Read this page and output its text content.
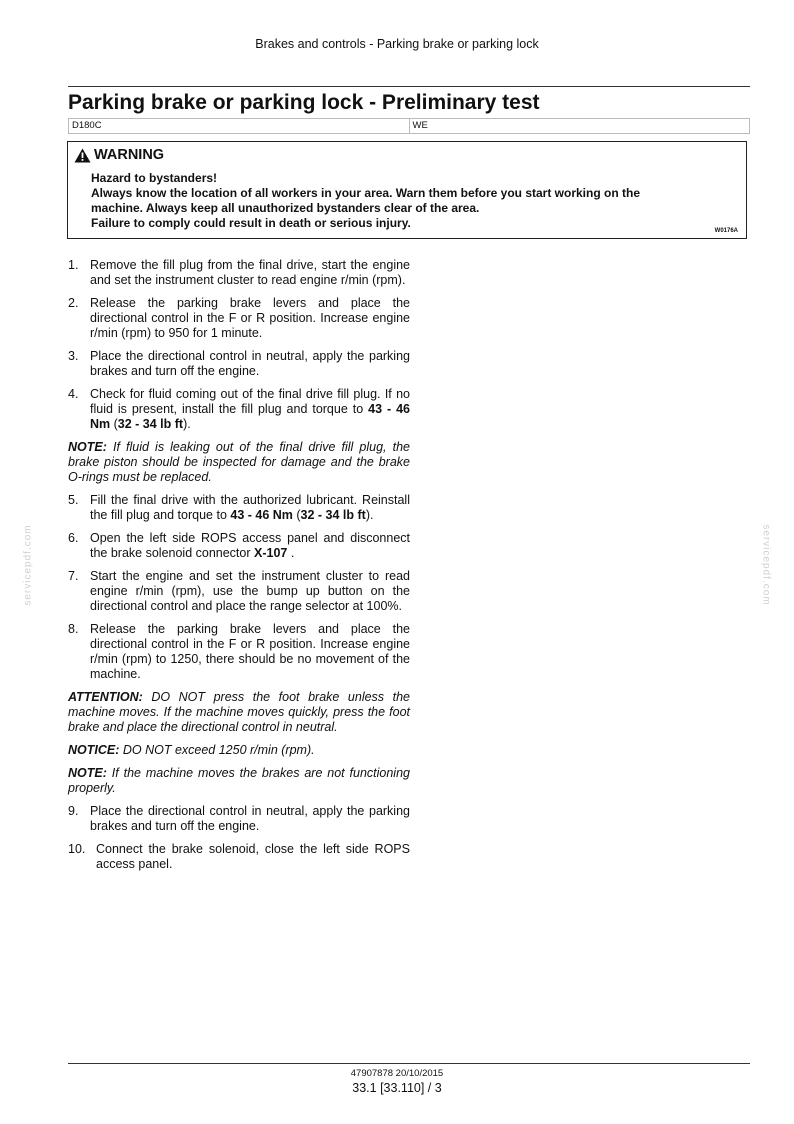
Brakes and controls - Parking brake or parking lock
Parking brake or parking lock - Preliminary test
D180C	WE
WARNING
Hazard to bystanders!
Always know the location of all workers in your area. Warn them before you start working on the
machine. Always keep all unauthorized bystanders clear of the area.
Failure to comply could result in death or serious injury.
W0176A
1. Remove the fill plug from the final drive, start the engine and set the instrument cluster to read engine r/min (rpm).
2. Release the parking brake levers and place the directional control in the F or R position. Increase engine r/min (rpm) to 950 for 1 minute.
3. Place the directional control in neutral, apply the parking brakes and turn off the engine.
4. Check for fluid coming out of the final drive fill plug. If no fluid is present, install the fill plug and torque to 43 - 46 Nm (32 - 34 lb ft).
NOTE: If fluid is leaking out of the final drive fill plug, the brake piston should be inspected for damage and the brake O-rings must be replaced.
5. Fill the final drive with the authorized lubricant. Reinstall the fill plug and torque to 43 - 46 Nm (32 - 34 lb ft).
6. Open the left side ROPS access panel and disconnect the brake solenoid connector X-107 .
7. Start the engine and set the instrument cluster to read engine r/min (rpm), use the bump up button on the directional control and place the range selector at 100%.
8. Release the parking brake levers and place the directional control in the F or R position. Increase engine r/min (rpm) to 1250, there should be no movement of the machine.
ATTENTION: DO NOT press the foot brake unless the machine moves. If the machine moves quickly, press the foot brake and place the directional control in neutral.
NOTICE: DO NOT exceed 1250 r/min (rpm).
NOTE: If the machine moves the brakes are not functioning properly.
9. Place the directional control in neutral, apply the parking brakes and turn off the engine.
10. Connect the brake solenoid, close the left side ROPS access panel.
servicepdf.com	servicepdf.com
47907878 20/10/2015
33.1 [33.110] / 3
